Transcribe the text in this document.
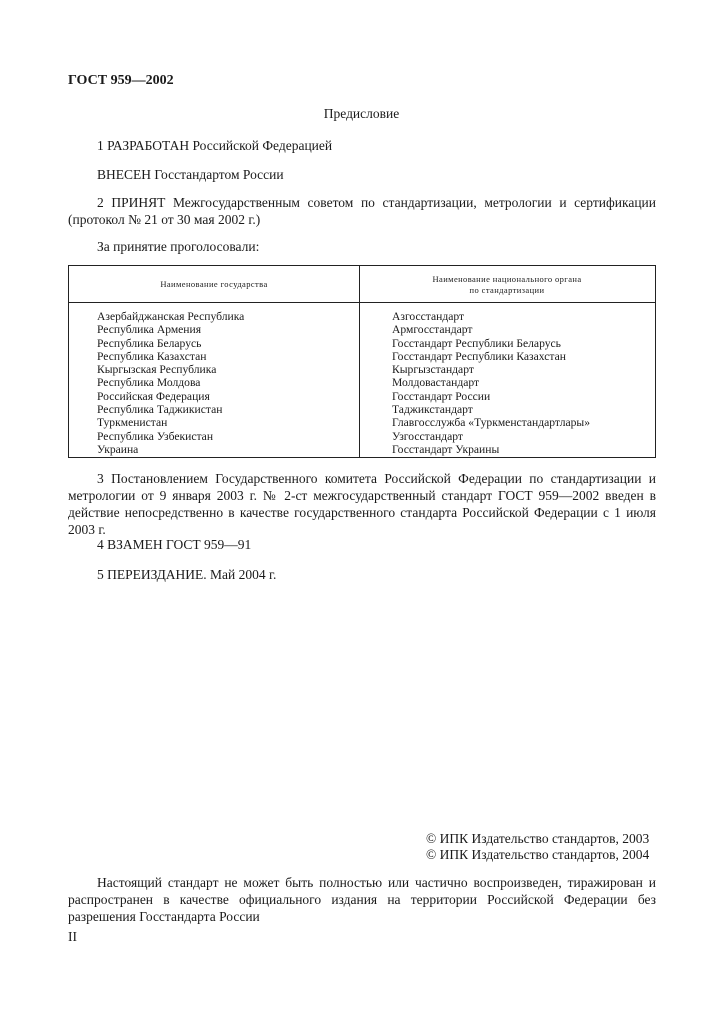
ГОСТ 959—2002
Предисловие

1 РАЗРАБОТАН Российской Федерацией

ВНЕСЕН Госстандартом России

2 ПРИНЯТ Межгосударственным советом по стандартизации, метрологии и сертификации (протокол № 21 от 30 мая 2002 г.)

За принятие проголосовали:

Наименование государства	Наименование национального органа
по стандартизации
Азербайджанская Республика
Республика Армения
Республика Беларусь
Республика Казахстан
Кыргызская Республика
Республика Молдова
Российская Федерация
Республика Таджикистан
Туркменистан
Республика Узбекистан
Украина
Азгосстандарт
Армгосстандарт
Госстандарт Республики Беларусь
Госстандарт Республики Казахстан
Кыргызстандарт
Молдовастандарт
Госстандарт России
Таджикстандарт
Главгосслужба «Туркменстандартлары»
Узгосстандарт
Госстандарт Украины

3 Постановлением Государственного комитета Российской Федерации по стандартизации и метрологии от 9 января 2003 г. № 2-ст межгосударственный стандарт ГОСТ 959—2002 введен в действие непосредственно в качестве государственного стандарта Российской Федерации с 1 июля 2003 г.

4 ВЗАМЕН ГОСТ 959—91

5 ПЕРЕИЗДАНИЕ. Май 2004 г.

© ИПК Издательство стандартов, 2003

© ИПК Издательство стандартов, 2004

Настоящий стандарт не может быть полностью или частично воспроизведен, тиражирован и распространен в качестве официального издания на территории Российской Федерации без разрешения Госстандарта России

II
